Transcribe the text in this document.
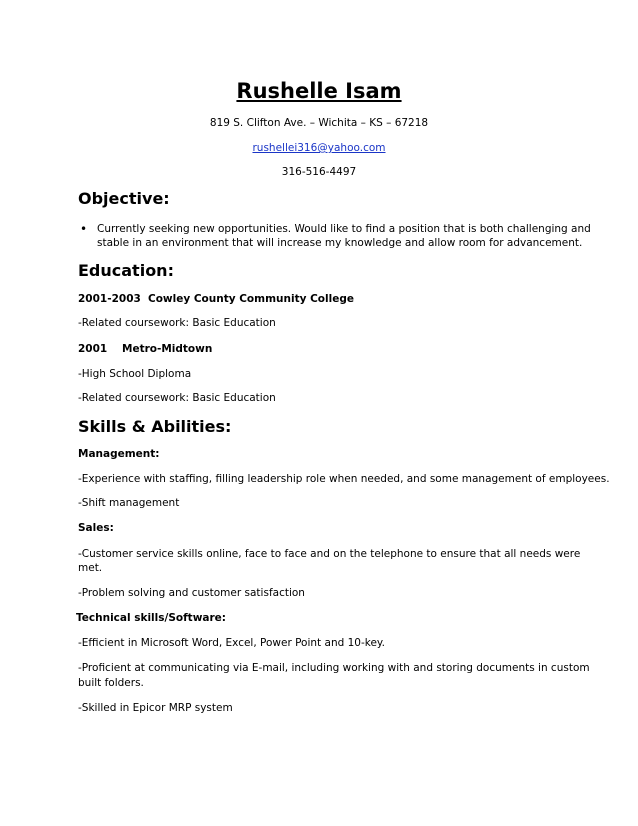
Rushelle Isam
819 S. Clifton Ave. – Wichita – KS – 67218
rushellei316@yahoo.com
316-516-4497
Objective:
• Currently seeking new opportunities. Would like to find a position that is both challenging and
stable in an environment that will increase my knowledge and allow room for advancement.
Education:
2001-2003 Cowley County Community College
-Related coursework: Basic Education
2001 Metro-Midtown
-High School Diploma
-Related coursework: Basic Education
Skills & Abilities:
Management:
-Experience with staffing, filling leadership role when needed, and some management of employees.
-Shift management
Sales:
-Customer service skills online, face to face and on the telephone to ensure that all needs were
met.
-Problem solving and customer satisfaction
Technical skills/Software:
-Efficient in Microsoft Word, Excel, Power Point and 10-key.
-Proficient at communicating via E-mail, including working with and storing documents in custom
built folders.
-Skilled in Epicor MRP system
